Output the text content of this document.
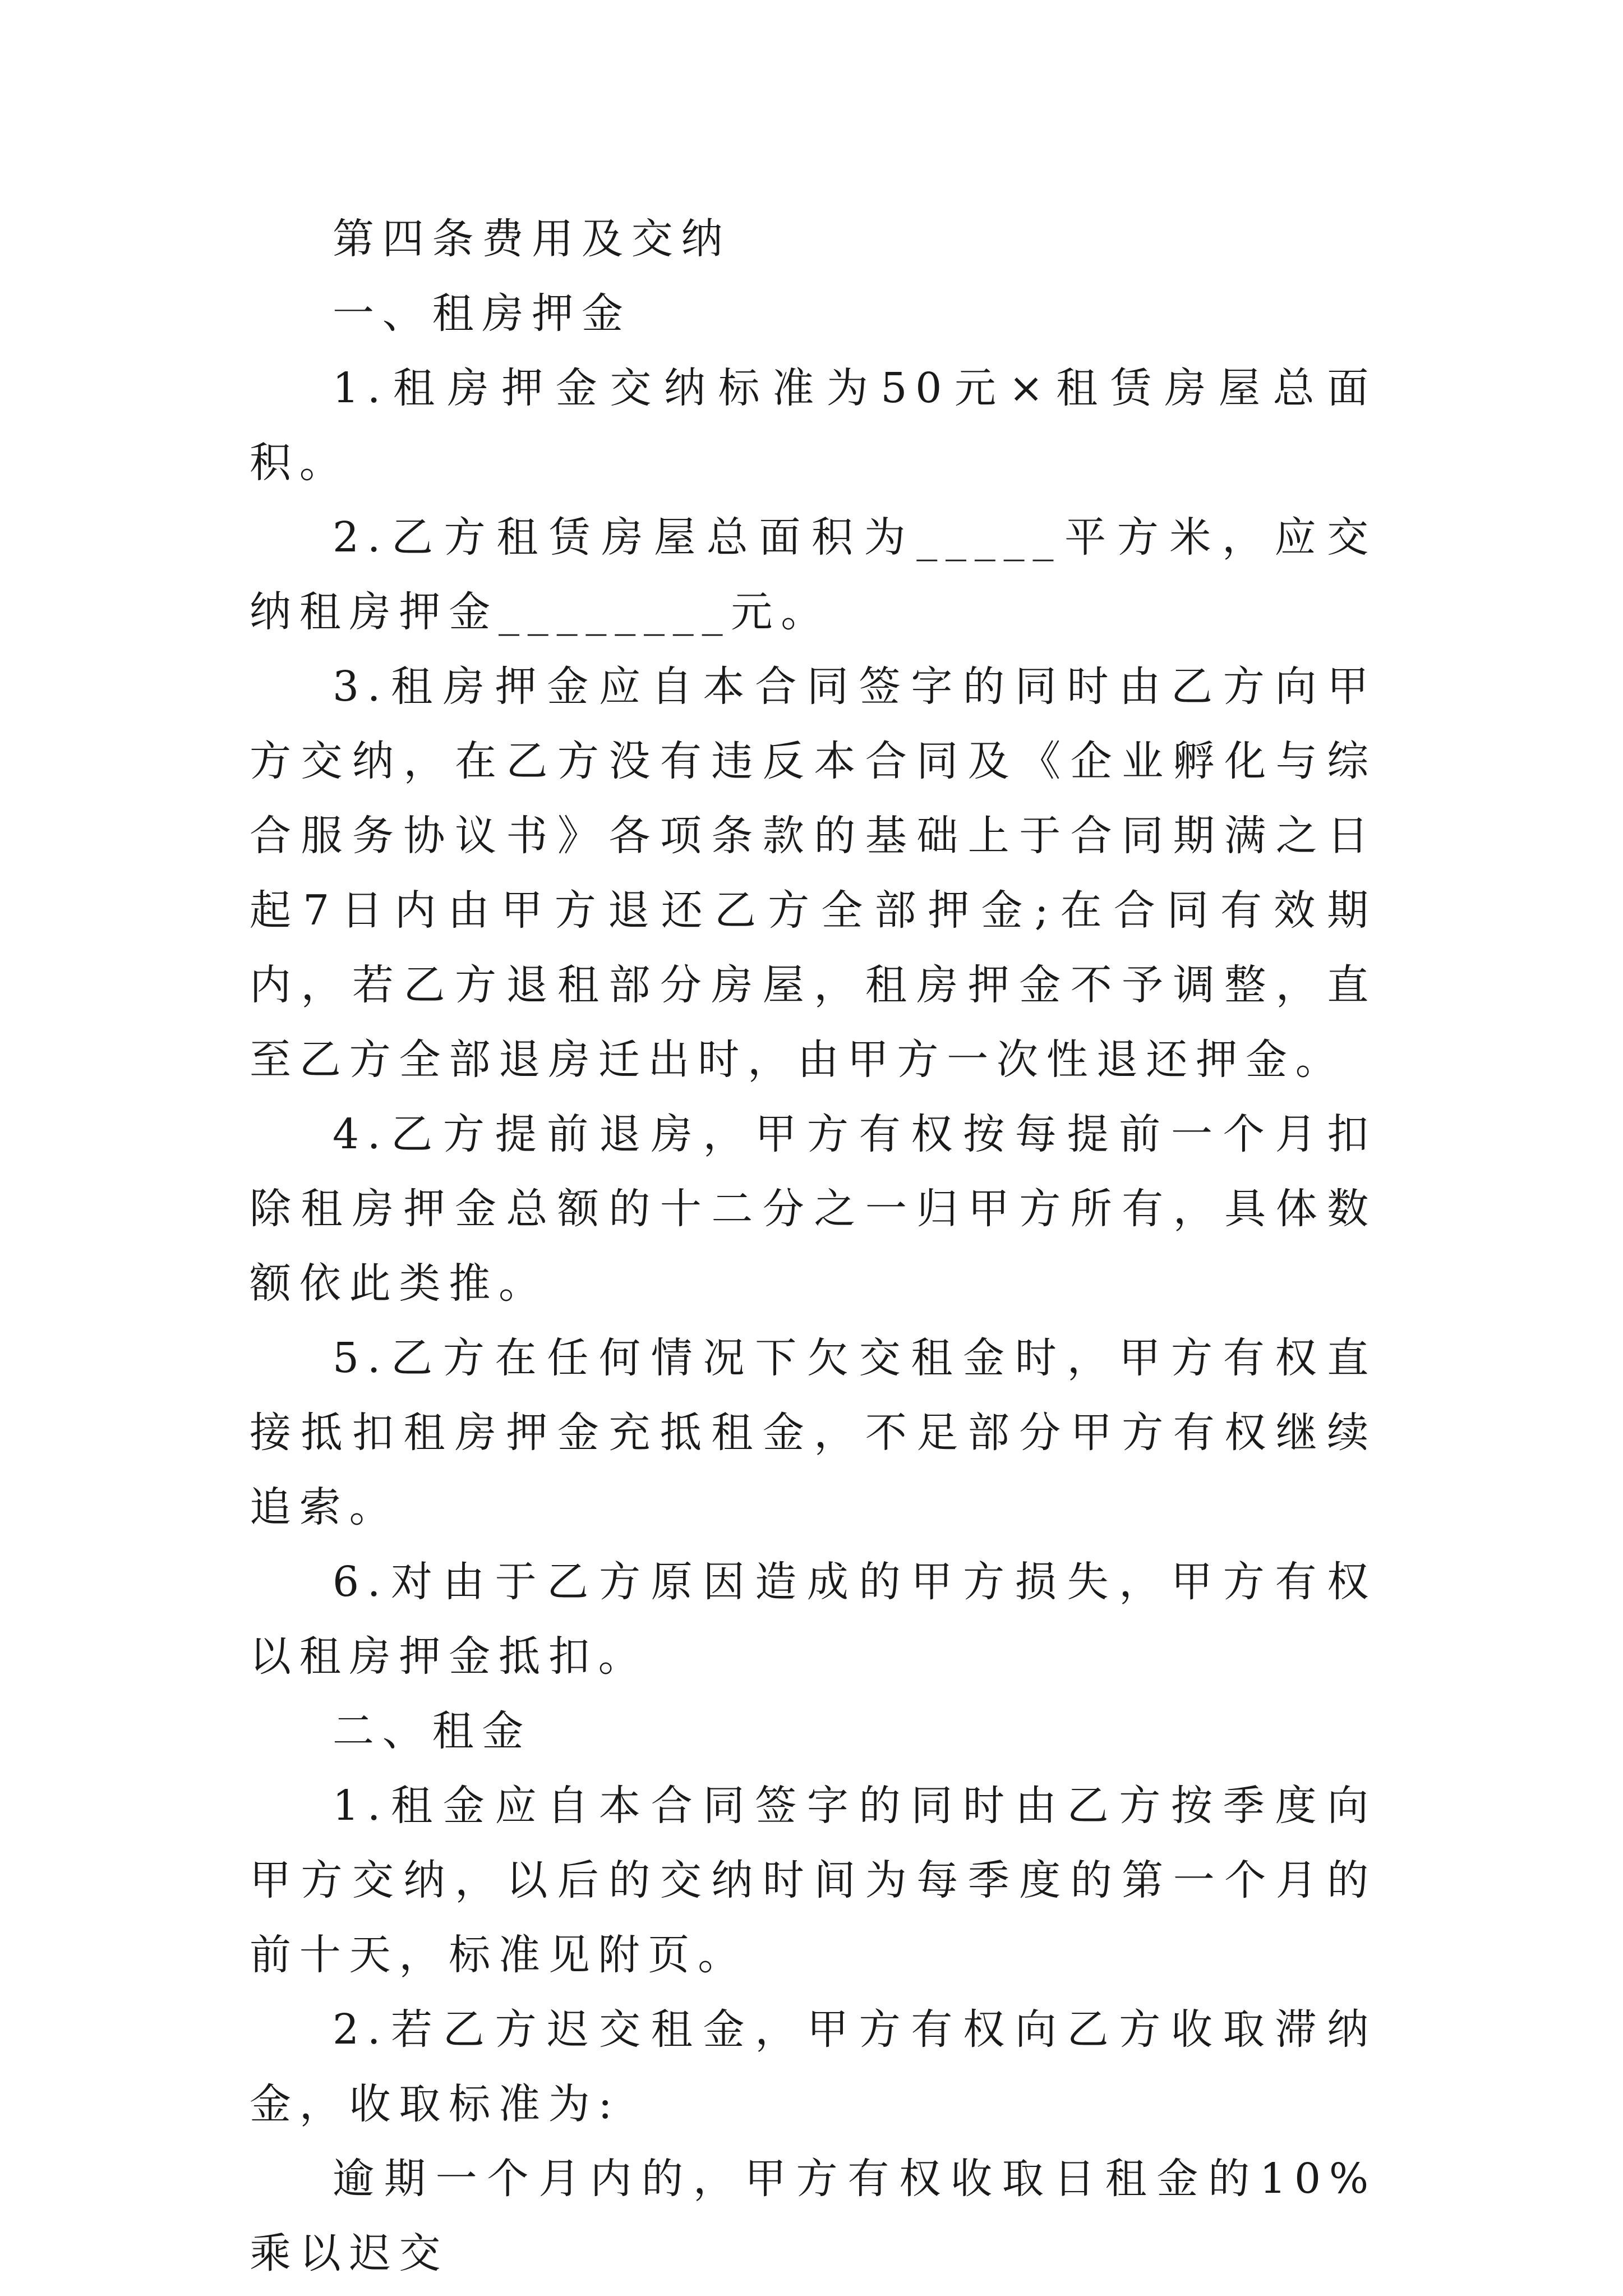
第四条费用及交纳

一、租房押金

1.租房押金交纳标准为50元×租赁房屋总面积。

2.乙方租赁房屋总面积为_____平方米，应交纳租房押金________元。

3.租房押金应自本合同签字的同时由乙方向甲方交纳，在乙方没有违反本合同及《企业孵化与综合服务协议书》各项条款的基础上于合同期满之日起7日内由甲方退还乙方全部押金;在合同有效期内，若乙方退租部分房屋，租房押金不予调整，直至乙方全部退房迁出时，由甲方一次性退还押金。

4.乙方提前退房，甲方有权按每提前一个月扣除租房押金总额的十二分之一归甲方所有，具体数额依此类推。

5.乙方在任何情况下欠交租金时，甲方有权直接抵扣租房押金充抵租金，不足部分甲方有权继续追索。

6.对由于乙方原因造成的甲方损失，甲方有权以租房押金抵扣。

二、租金

1.租金应自本合同签字的同时由乙方按季度向甲方交纳，以后的交纳时间为每季度的第一个月的前十天，标准见附页。

2.若乙方迟交租金，甲方有权向乙方收取滞纳金，收取标准为:

逾期一个月内的，甲方有权收取日租金的10%乘以迟交
